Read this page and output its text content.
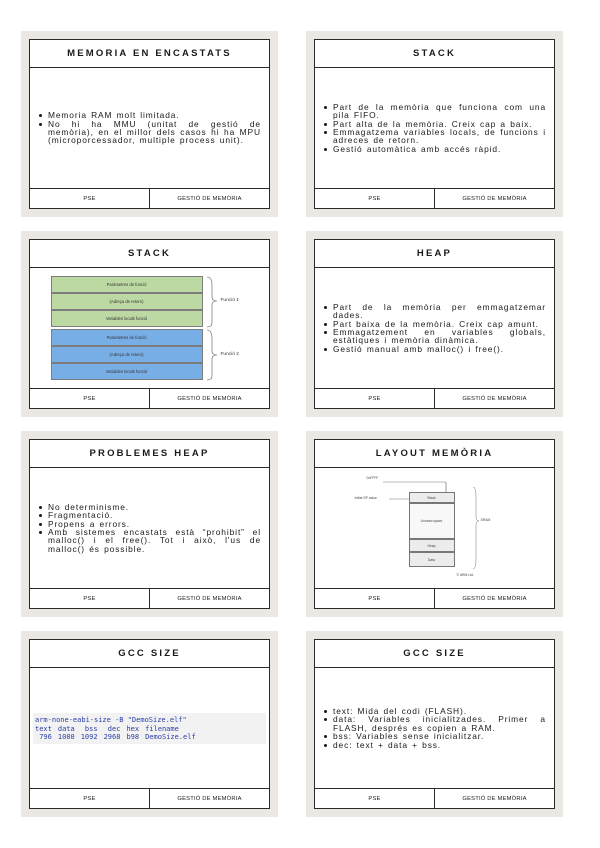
MEMORIA EN ENCASTATS
Memoria RAM molt limitada.
No hi ha MMU (unitat de gestió de memòria), en el millor dels casos hi ha MPU (microporcessador, multiple process unit).
PSE	GESTIÓ DE MEMÒRIA
STACK
Part de la memòria que funciona com una pila FIFO.
Part alta de la memòria. Creix cap a baix.
Emmagatzema variables locals, de funcions i adreces de retorn.
Gestió automàtica amb accés ràpid.
PSE	GESTIÓ DE MEMÒRIA
STACK
Paràmetres de funció
(Adreça de retorn)
Variables locals funció
Paràmetres de funció
(Adreça de retorn)
Variables locals funció
Funció 1
Funció 2
PSE	GESTIÓ DE MEMÒRIA
HEAP
Part de la memòria per emmagatzemar dades.
Part baixa de la memòria. Creix cap amunt.
Emmagatzement en variables globals, estàtiques i memòria dinàmica.
Gestió manual amb malloc() i free().
PSE	GESTIÓ DE MEMÒRIA
PROBLEMES HEAP
No determinisme.
Fragmentació.
Propens a errors.
Amb sistemes encastats està “prohibit” el malloc() i el free(). Tot i això, l'us de malloc() és possible.
PSE	GESTIÓ DE MEMÒRIA
LAYOUT MEMÒRIA
0xFFFF
Initial SP value	Stack
Unused space
Heap
Data
SRAM
© ARM Ltd.
PSE	GESTIÓ DE MEMÒRIA
GCC SIZE
arm-none-eabi-size -B "DemoSize.elf"
text	data	bss	dec	hex	filename
796	1080	1092	2968	b98	DemoSize.elf
PSE	GESTIÓ DE MEMÒRIA
GCC SIZE
text: Mida del codi (FLASH).
data: Variables inicialitzades. Primer a FLASH, després es copien a RAM.
bss: Variables sense inicialitzar.
dec: text + data + bss.
PSE	GESTIÓ DE MEMÒRIA
